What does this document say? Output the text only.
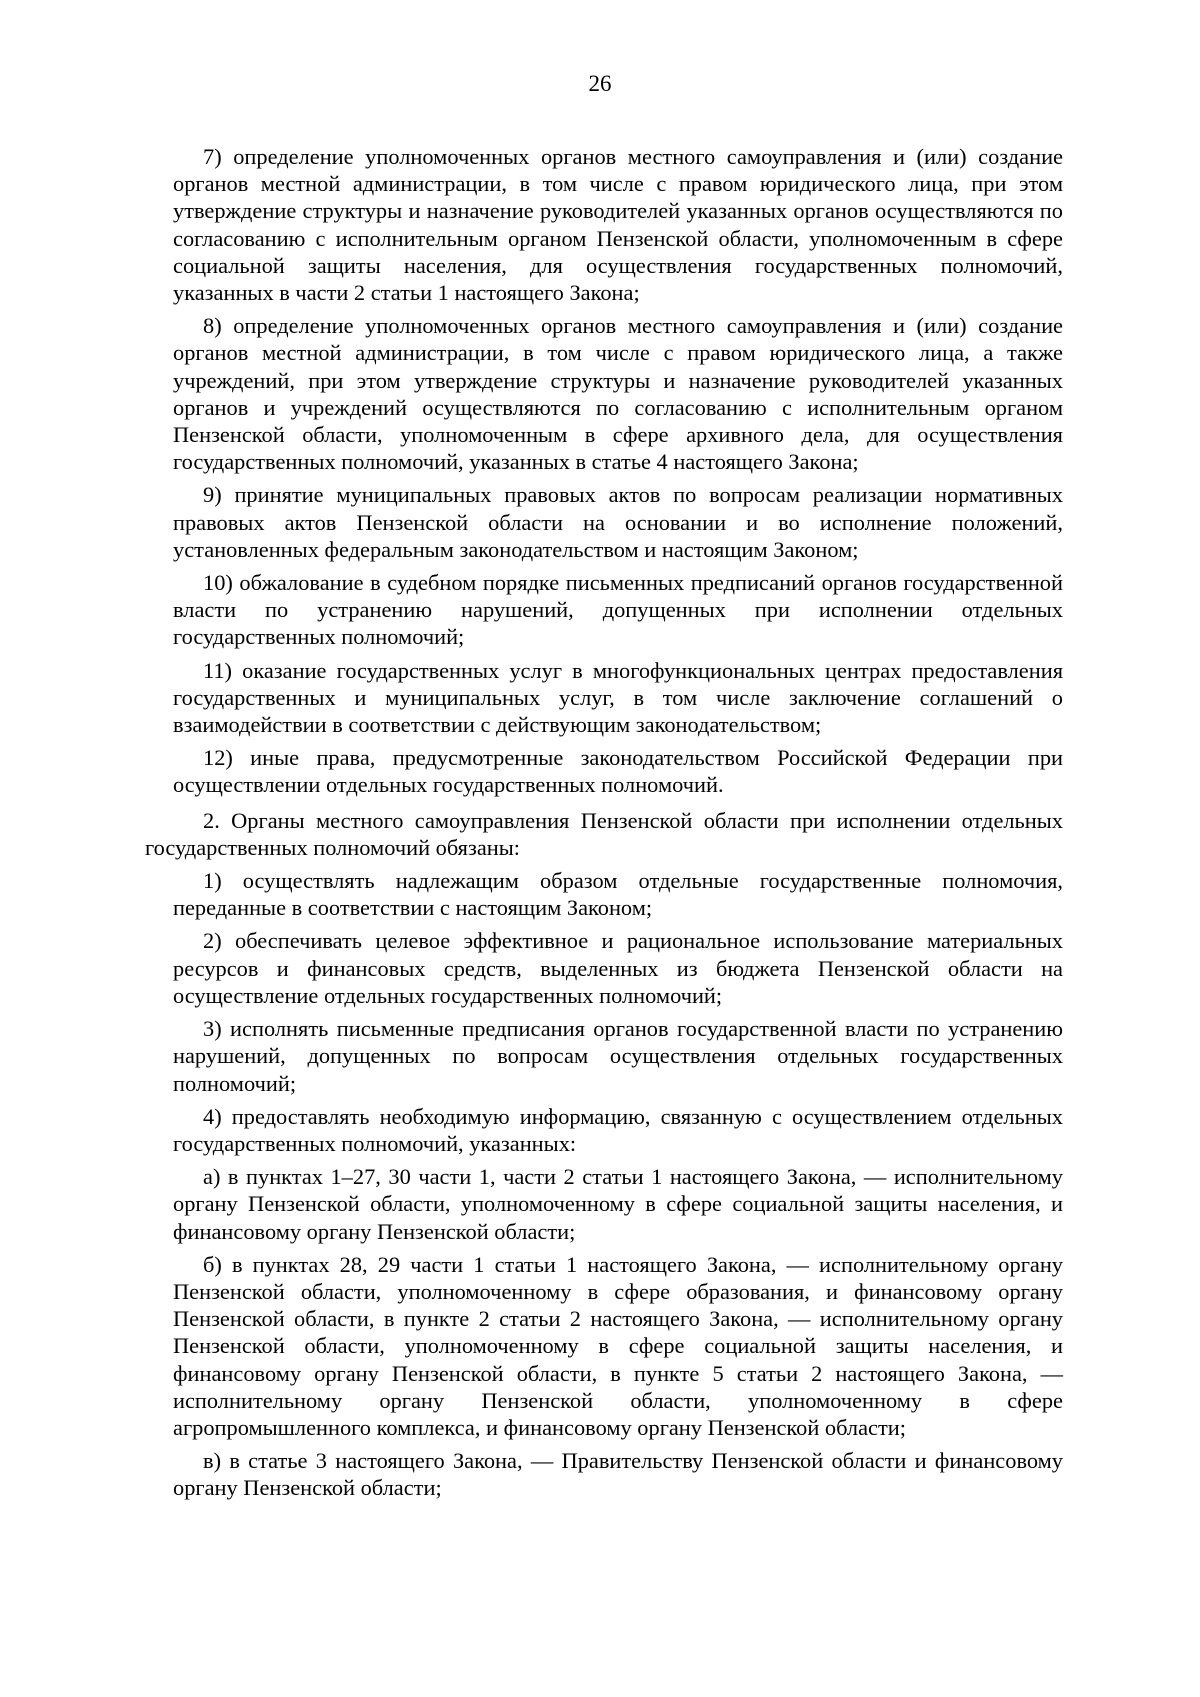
26

7) определение уполномоченных органов местного самоуправления и (или) создание органов местной администрации, в том числе с правом юридического лица, при этом утверждение структуры и назначение руководителей указанных органов осуществляются по согласованию с исполнительным органом Пензенской области, уполномоченным в сфере социальной защиты населения, для осуществления государственных полномочий, указанных в части 2 статьи 1 настоящего Закона;

8) определение уполномоченных органов местного самоуправления и (или) создание органов местной администрации, в том числе с правом юридического лица, а также учреждений, при этом утверждение структуры и назначение руководителей указанных органов и учреждений осуществляются по согласованию с исполнительным органом Пензенской области, уполномоченным в сфере архивного дела, для осуществления государственных полномочий, указанных в статье 4 настоящего Закона;

9) принятие муниципальных правовых актов по вопросам реализации нормативных правовых актов Пензенской области на основании и во исполнение положений, установленных федеральным законодательством и настоящим Законом;

10) обжалование в судебном порядке письменных предписаний органов государственной власти по устранению нарушений, допущенных при исполнении отдельных государственных полномочий;

11) оказание государственных услуг в многофункциональных центрах предоставления государственных и муниципальных услуг, в том числе заключение соглашений о взаимодействии в соответствии с действующим законодательством;

12) иные права, предусмотренные законодательством Российской Федерации при осуществлении отдельных государственных полномочий.

2. Органы местного самоуправления Пензенской области при исполнении отдельных государственных полномочий обязаны:

1) осуществлять надлежащим образом отдельные государственные полномочия, переданные в соответствии с настоящим Законом;

2) обеспечивать целевое эффективное и рациональное использование материальных ресурсов и финансовых средств, выделенных из бюджета Пензенской области на осуществление отдельных государственных полномочий;

3) исполнять письменные предписания органов государственной власти по устранению нарушений, допущенных по вопросам осуществления отдельных государственных полномочий;

4) предоставлять необходимую информацию, связанную с осуществлением отдельных государственных полномочий, указанных:

а) в пунктах 1–27, 30 части 1, части 2 статьи 1 настоящего Закона, — исполнительному органу Пензенской области, уполномоченному в сфере социальной защиты населения, и финансовому органу Пензенской области;

б) в пунктах 28, 29 части 1 статьи 1 настоящего Закона, — исполнительному органу Пензенской области, уполномоченному в сфере образования, и финансовому органу Пензенской области, в пункте 2 статьи 2 настоящего Закона, — исполнительному органу Пензенской области, уполномоченному в сфере социальной защиты населения, и финансовому органу Пензенской области, в пункте 5 статьи 2 настоящего Закона, — исполнительному органу Пензенской области, уполномоченному в сфере агропромышленного комплекса, и финансовому органу Пензенской области;

в) в статье 3 настоящего Закона, — Правительству Пензенской области и финансовому органу Пензенской области;
